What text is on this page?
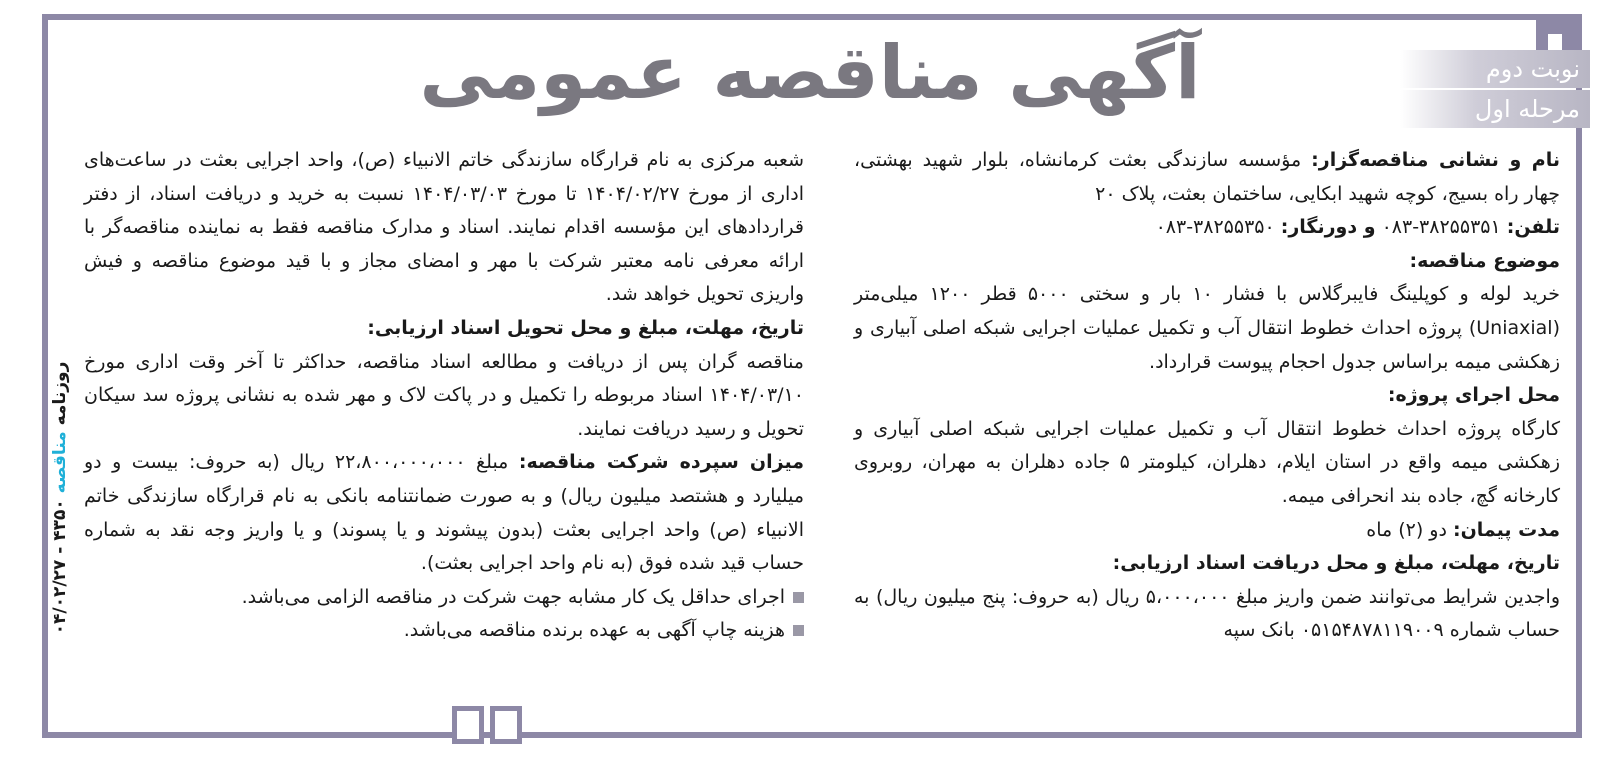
آگهی مناقصه عمومی	نوبت دوم
مرحله اول

نام و نشانی مناقصه‌گزار: مؤسسه سازندگی بعثت کرمانشاه، بلوار شهید بهشتی، چهار راه بسیج، کوچه شهید ابکایی، ساختمان بعثت، پلاک ۲۰

تلفن: ۳۸۲۵۵۳۵۱-۰۸۳ و دورنگار: ۳۸۲۵۵۳۵۰-۰۸۳

موضوع مناقصه:

خرید لوله و کوپلینگ فایبرگلاس با فشار ۱۰ بار و سختی ۵۰۰۰ قطر ۱۲۰۰ میلی‌متر (Uniaxial) پروژه احداث خطوط انتقال آب و تکمیل عملیات اجرایی شبکه اصلی آبیاری و زهکشی میمه براساس جدول احجام پیوست قرارداد.

محل اجرای پروژه:

کارگاه پروژه احداث خطوط انتقال آب و تکمیل عملیات اجرایی شبکه اصلی آبیاری و زهکشی میمه واقع در استان ایلام، دهلران، کیلومتر ۵ جاده دهلران به مهران، روبروی کارخانه گچ، جاده بند انحرافی میمه.

مدت پیمان: دو (۲) ماه

تاریخ، مهلت، مبلغ و محل دریافت اسناد ارزیابی:

واجدین شرایط می‌توانند ضمن واریز مبلغ ۵،۰۰۰،۰۰۰ ریال (به حروف: پنج میلیون ریال) به حساب شماره ۰۵۱۵۴۸۷۸۱۱۹۰۰۹ بانک سپه

شعبه مرکزی به نام قرارگاه سازندگی خاتم الانبیاء (ص)، واحد اجرایی بعثت در ساعت‌های اداری از مورخ ۱۴۰۴/۰۲/۲۷ تا مورخ ۱۴۰۴/۰۳/۰۳ نسبت به خرید و دریافت اسناد، از دفتر قراردادهای این مؤسسه اقدام نمایند. اسناد و مدارک مناقصه فقط به نماینده مناقصه‌گر با ارائه معرفی نامه معتبر شرکت با مهر و امضای مجاز و با قید موضوع مناقصه و فیش واریزی تحویل خواهد شد.

تاریخ، مهلت، مبلغ و محل تحویل اسناد ارزیابی:

مناقصه گران پس از دریافت و مطالعه اسناد مناقصه، حداکثر تا آخر وقت اداری مورخ ۱۴۰۴/۰۳/۱۰ اسناد مربوطه را تکمیل و در پاکت لاک و مهر شده به نشانی پروژه سد سیکان تحویل و رسید دریافت نمایند.

میزان سپرده شرکت مناقصه: مبلغ ۲۲،۸۰۰،۰۰۰،۰۰۰ ریال (به حروف: بیست و دو میلیارد و هشتصد میلیون ریال) و به صورت ضمانتنامه بانکی به نام قرارگاه سازندگی خاتم الانبیاء (ص) واحد اجرایی بعثت (بدون پیشوند و یا پسوند) و یا واریز وجه نقد به شماره حساب قید شده فوق (به نام واحد اجرایی بعثت).

اجرای حداقل یک کار مشابه جهت شرکت در مناقصه الزامی می‌باشد.

هزینه چاپ آگهی به عهده برنده مناقصه می‌باشد.

روزنامه مناقصه ۴۳۵۰ - ۰۴/۰۲/۲۷
